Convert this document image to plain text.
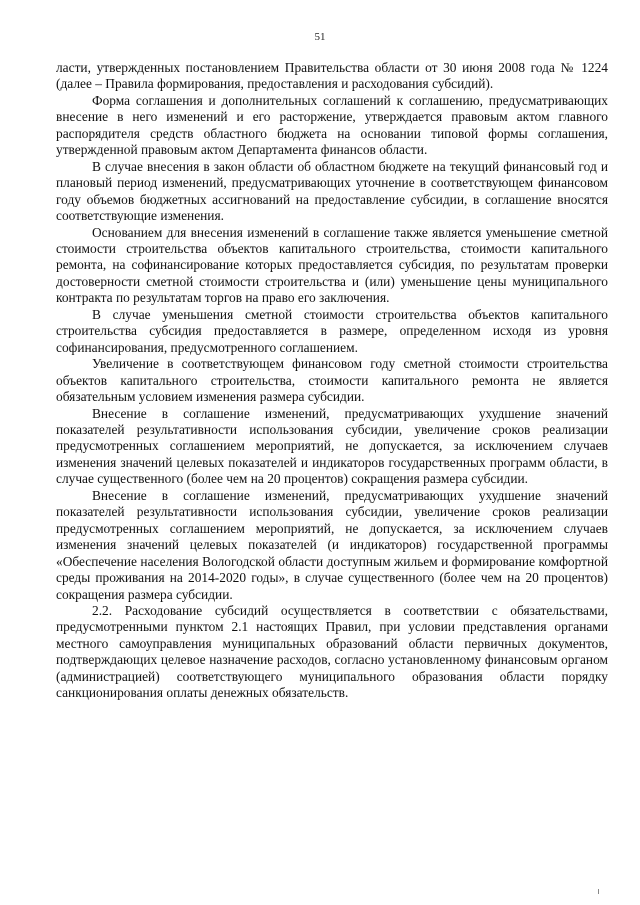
51

ласти, утвержденных постановлением Правительства области от 30 июня 2008 года № 1224 (далее – Правила формирования, предоставления и расходования субсидий).

Форма соглашения и дополнительных соглашений к соглашению, предусматривающих внесение в него изменений и его расторжение, утверждается правовым актом главного распорядителя средств областного бюджета на основании типовой формы соглашения, утвержденной правовым актом Департамента финансов области.

В случае внесения в закон области об областном бюджете на текущий финансовый год и плановый период изменений, предусматривающих уточнение в соответствующем финансовом году объемов бюджетных ассигнований на предоставление субсидии, в соглашение вносятся соответствующие изменения.

Основанием для внесения изменений в соглашение также является уменьшение сметной стоимости строительства объектов капитального строительства, стоимости капитального ремонта, на софинансирование которых предоставляется субсидия, по результатам проверки достоверности сметной стоимости строительства и (или) уменьшение цены муниципального контракта по результатам торгов на право его заключения.

В случае уменьшения сметной стоимости строительства объектов капитального строительства субсидия предоставляется в размере, определенном исходя из уровня софинансирования, предусмотренного соглашением.

Увеличение в соответствующем финансовом году сметной стоимости строительства объектов капитального строительства, стоимости капитального ремонта не является обязательным условием изменения размера субсидии.

Внесение в соглашение изменений, предусматривающих ухудшение значений показателей результативности использования субсидии, увеличение сроков реализации предусмотренных соглашением мероприятий, не допускается, за исключением случаев изменения значений целевых показателей и индикаторов государственных программ области, в случае существенного (более чем на 20 процентов) сокращения размера субсидии.

Внесение в соглашение изменений, предусматривающих ухудшение значений показателей результативности использования субсидии, увеличение сроков реализации предусмотренных соглашением мероприятий, не допускается, за исключением случаев изменения значений целевых показателей (и индикаторов) государственной программы «Обеспечение населения Вологодской области доступным жильем и формирование комфортной среды проживания на 2014-2020 годы», в случае существенного (более чем на 20 процентов) сокращения размера субсидии.

2.2. Расходование субсидий осуществляется в соответствии с обязательствами, предусмотренными пунктом 2.1 настоящих Правил, при условии представления органами местного самоуправления муниципальных образований области первичных документов, подтверждающих целевое назначение расходов, согласно установленному финансовым органом (администрацией) соответствующего муниципального образования области порядку санкционирования оплаты денежных обязательств.
